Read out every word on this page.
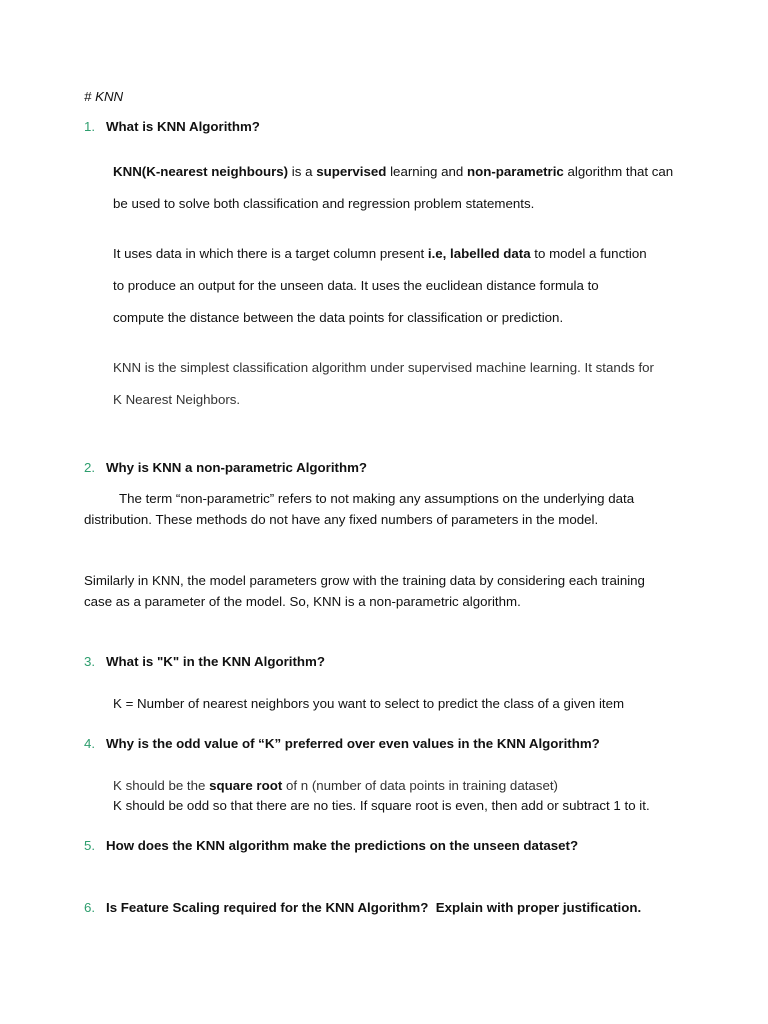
# KNN
1. What is KNN Algorithm?
KNN(K-nearest neighbours) is a supervised learning and non-parametric algorithm that can
be used to solve both classification and regression problem statements.
It uses data in which there is a target column present i.e, labelled data to model a function
to produce an output for the unseen data. It uses the euclidean distance formula to
compute the distance between the data points for classification or prediction.
KNN is the simplest classification algorithm under supervised machine learning. It stands for
K Nearest Neighbors.
2. Why is KNN a non-parametric Algorithm?
The term “non-parametric” refers to not making any assumptions on the underlying data
distribution. These methods do not have any fixed numbers of parameters in the model.
Similarly in KNN, the model parameters grow with the training data by considering each training
case as a parameter of the model. So, KNN is a non-parametric algorithm.
3. What is "K" in the KNN Algorithm?
K = Number of nearest neighbors you want to select to predict the class of a given item
4. Why is the odd value of “K” preferred over even values in the KNN Algorithm?
K should be the square root of n (number of data points in training dataset)
K should be odd so that there are no ties. If square root is even, then add or subtract 1 to it.
5. How does the KNN algorithm make the predictions on the unseen dataset?
6. Is Feature Scaling required for the KNN Algorithm?  Explain with proper justification.
